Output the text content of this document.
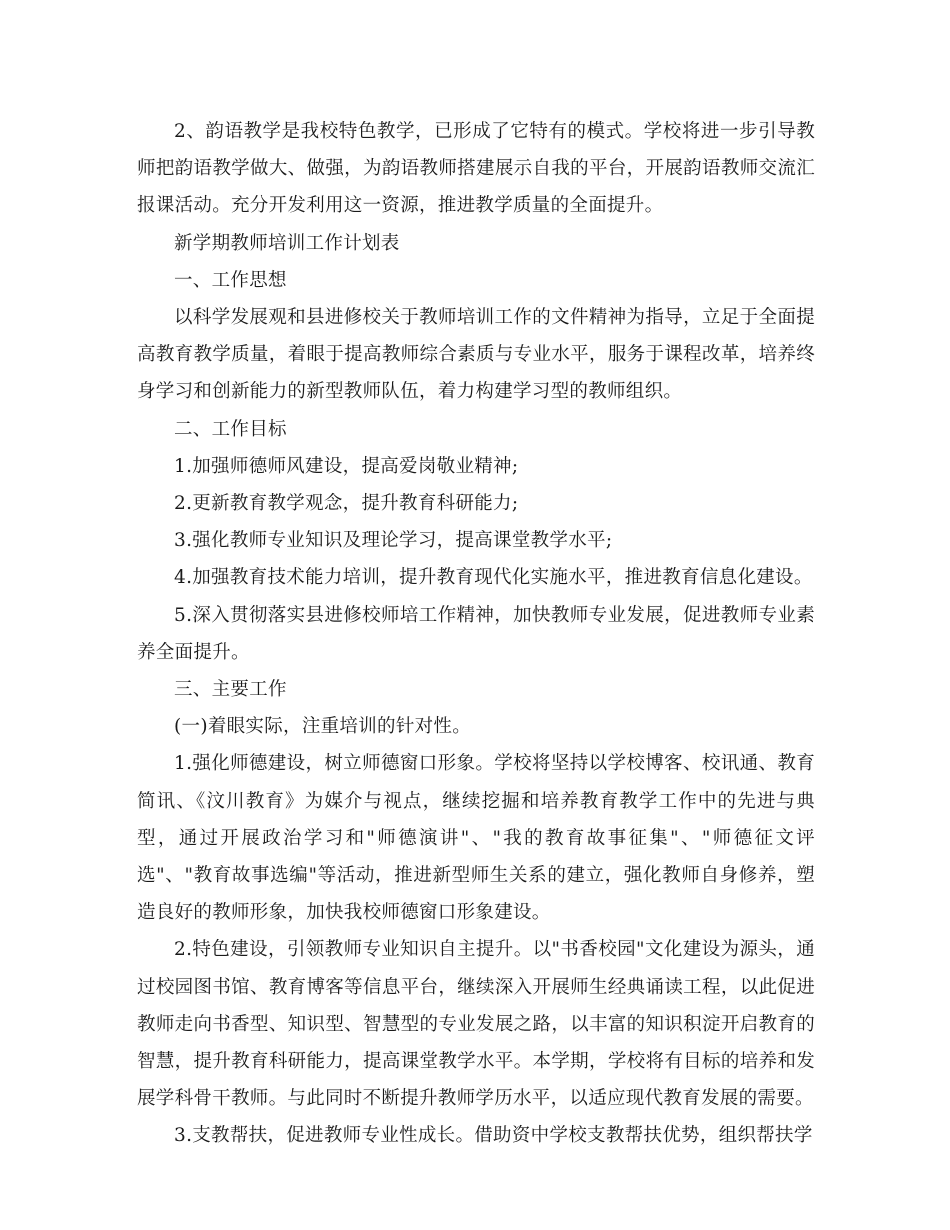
2、韵语教学是我校特色教学，已形成了它特有的模式。学校将进一步引导教师把韵语教学做大、做强，为韵语教师搭建展示自我的平台，开展韵语教师交流汇报课活动。充分开发利用这一资源，推进教学质量的全面提升。

新学期教师培训工作计划表

一、工作思想

以科学发展观和县进修校关于教师培训工作的文件精神为指导，立足于全面提高教育教学质量，着眼于提高教师综合素质与专业水平，服务于课程改革，培养终身学习和创新能力的新型教师队伍，着力构建学习型的教师组织。

二、工作目标

1.加强师德师风建设，提高爱岗敬业精神;

2.更新教育教学观念，提升教育科研能力;

3.强化教师专业知识及理论学习，提高课堂教学水平;

4.加强教育技术能力培训，提升教育现代化实施水平，推进教育信息化建设。

5.深入贯彻落实县进修校师培工作精神，加快教师专业发展，促进教师专业素养全面提升。

三、主要工作

(一)着眼实际，注重培训的针对性。

1.强化师德建设，树立师德窗口形象。学校将坚持以学校博客、校讯通、教育简讯、《汶川教育》为媒介与视点，继续挖掘和培养教育教学工作中的先进与典型，通过开展政治学习和"师德演讲"、"我的教育故事征集"、"师德征文评选"、"教育故事选编"等活动，推进新型师生关系的建立，强化教师自身修养，塑造良好的教师形象，加快我校师德窗口形象建设。

2.特色建设，引领教师专业知识自主提升。以"书香校园"文化建设为源头，通过校园图书馆、教育博客等信息平台，继续深入开展师生经典诵读工程，以此促进教师走向书香型、知识型、智慧型的专业发展之路，以丰富的知识积淀开启教育的智慧，提升教育科研能力，提高课堂教学水平。本学期，学校将有目标的培养和发展学科骨干教师。与此同时不断提升教师学历水平，以适应现代教育发展的需要。

3.支教帮扶，促进教师专业性成长。借助资中学校支教帮扶优势，组织帮扶学
